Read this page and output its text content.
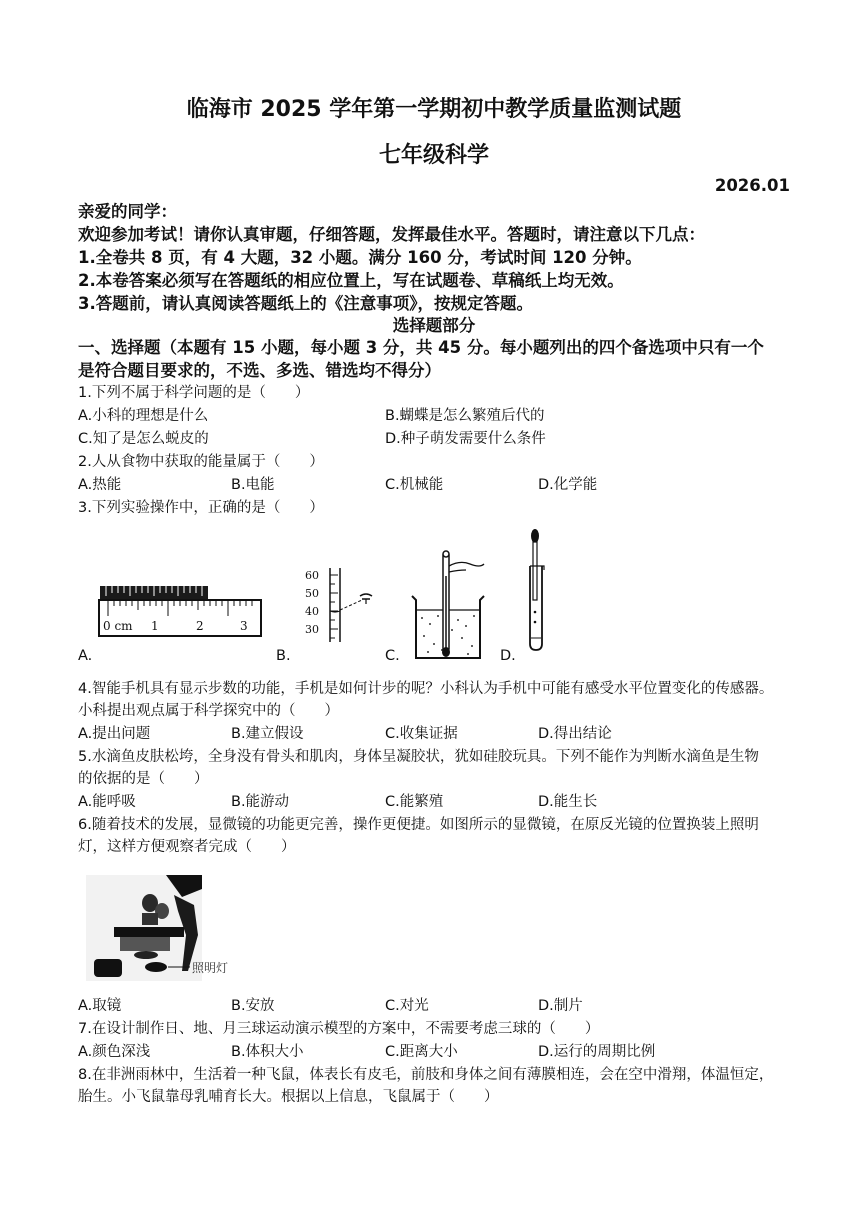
临海市 2025 学年第一学期初中教学质量监测试题
七年级科学
2026.01
亲爱的同学：
欢迎参加考试！请你认真审题，仔细答题，发挥最佳水平。答题时，请注意以下几点：
1.全卷共 8 页，有 4 大题，32 小题。满分 160 分，考试时间 120 分钟。
2.本卷答案必须写在答题纸的相应位置上，写在试题卷、草稿纸上均无效。
3.答题前，请认真阅读答题纸上的《注意事项》，按规定答题。
选择题部分
一、选择题（本题有 15 小题，每小题 3 分，共 45 分。每小题列出的四个备选项中只有一个
是符合题目要求的，不选、多选、错选均不得分）
1.下列不属于科学问题的是（　　）
A.小科的理想是什么	B.蝴蝶是怎么繁殖后代的
C.知了是怎么蜕皮的	D.种子萌发需要什么条件
2.人从食物中获取的能量属于（　　）
A.热能	B.电能	C.机械能	D.化学能
3.下列实验操作中，正确的是（　　）
0 cm 1	2	3
A.
60
50
40
30
B.	C.	D.
4.智能手机具有显示步数的功能，手机是如何计步的呢？小科认为手机中可能有感受水平位置变化的传感器。
小科提出观点属于科学探究中的（　　）
A.提出问题	B.建立假设	C.收集证据	D.得出结论
5.水滴鱼皮肤松垮，全身没有骨头和肌肉，身体呈凝胶状，犹如硅胶玩具。下列不能作为判断水滴鱼是生物
的依据的是（　　）
A.能呼吸	B.能游动	C.能繁殖	D.能生长
6.随着技术的发展，显微镜的功能更完善，操作更便捷。如图所示的显微镜，在原反光镜的位置换装上照明
灯，这样方便观察者完成（　　）
照明灯
A.取镜	B.安放	C.对光	D.制片
7.在设计制作日、地、月三球运动演示模型的方案中，不需要考虑三球的（　　）
A.颜色深浅	B.体积大小	C.距离大小	D.运行的周期比例
8.在非洲雨林中，生活着一种飞鼠，体表长有皮毛，前肢和身体之间有薄膜相连，会在空中滑翔，体温恒定，
胎生。小飞鼠靠母乳哺育长大。根据以上信息，飞鼠属于（　　）
